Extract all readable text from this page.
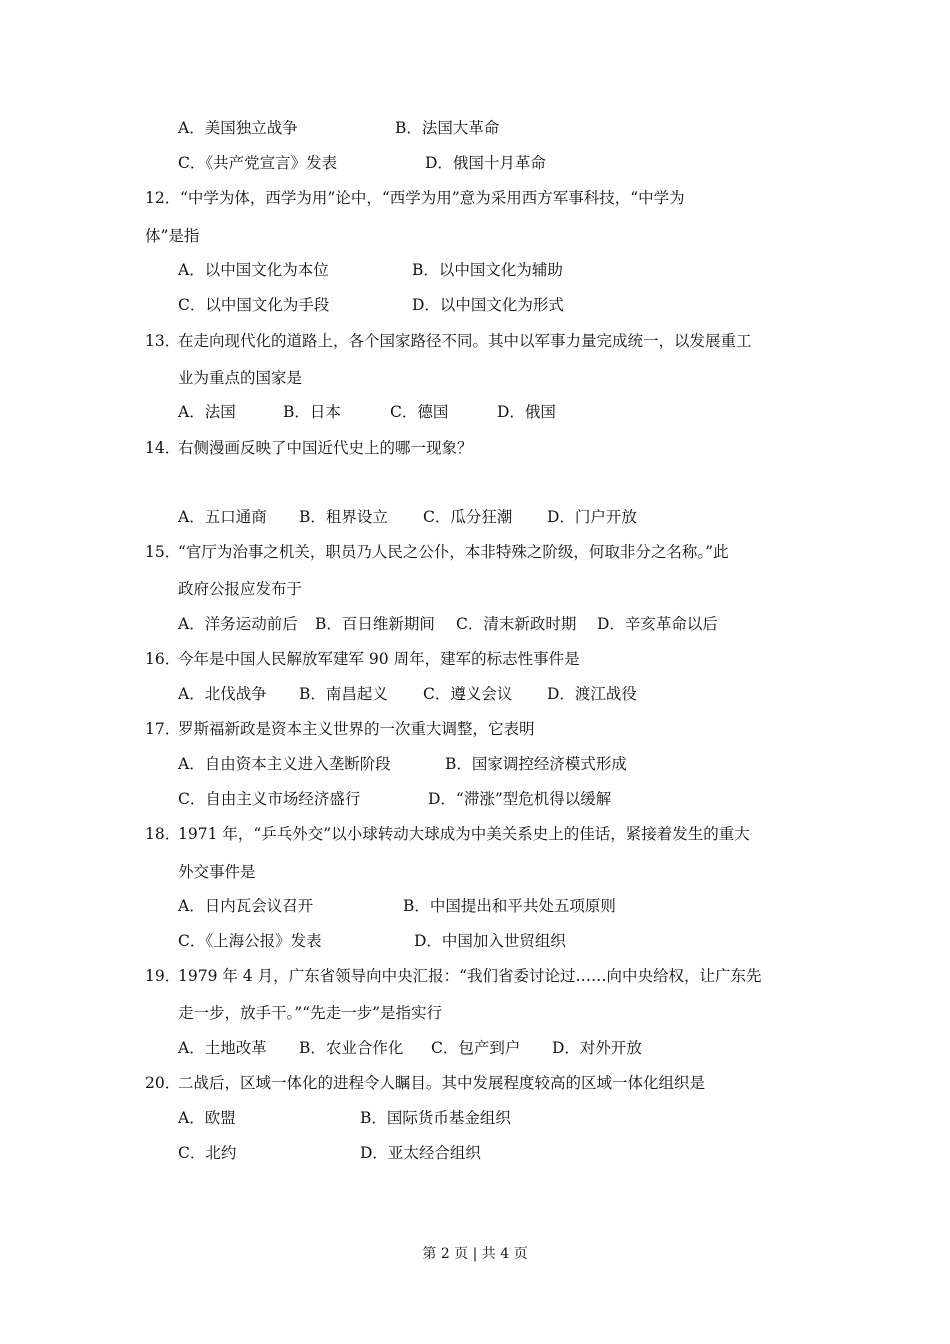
A．美国独立战争	B．法国大革命
C．《共产党宣言》发表	D．俄国十月革命
12． “中学为体，西学为用”论中，“西学为用”意为采用西方军事科技，“中学为
体”是指
A．以中国文化为本位	B．以中国文化为辅助
C．以中国文化为手段	D．以中国文化为形式
13．
在走向现代化的道路上，各个国家路径不同。其中以军事力量完成统一，以发展重工
业为重点的国家是
A．法国	B．日本	C．德国	D．俄国
14．
右侧漫画反映了中国近代史上的哪一现象？
A．五口通商 B．租界设立 C．瓜分狂潮 D．门户开放
15．
“官厅为治事之机关，职员乃人民之公仆，本非特殊之阶级，何取非分之名称。”此
政府公报应发布于
A．洋务运动前后 B．百日维新期间 C．清末新政时期 D．辛亥革命以后
16．
今年是中国人民解放军建军 90 周年，建军的标志性事件是
A．北伐战争 B．南昌起义 C．遵义会议 D．渡江战役
17．
罗斯福新政是资本主义世界的一次重大调整，它表明
A．自由资本主义进入垄断阶段	B．国家调控经济模式形成
C．自由主义市场经济盛行	D．“滞涨”型危机得以缓解
18．
1971 年，“乒乓外交”以小球转动大球成为中美关系史上的佳话，紧接着发生的重大
外交事件是
A．日内瓦会议召开	B．中国提出和平共处五项原则
C．《上海公报》发表	D．中国加入世贸组织
19．
1979 年 4 月，广东省领导向中央汇报：“我们省委讨论过……向中央给权，让广东先
走一步，放手干。”“先走一步”是指实行
A．土地改革 B．农业合作化 C．包产到户 D．对外开放
20．
二战后，区域一体化的进程令人瞩目。其中发展程度较高的区域一体化组织是
A．欧盟	B．国际货币基金组织
C．北约	D．亚太经合组织
第 2 页 | 共 4 页
